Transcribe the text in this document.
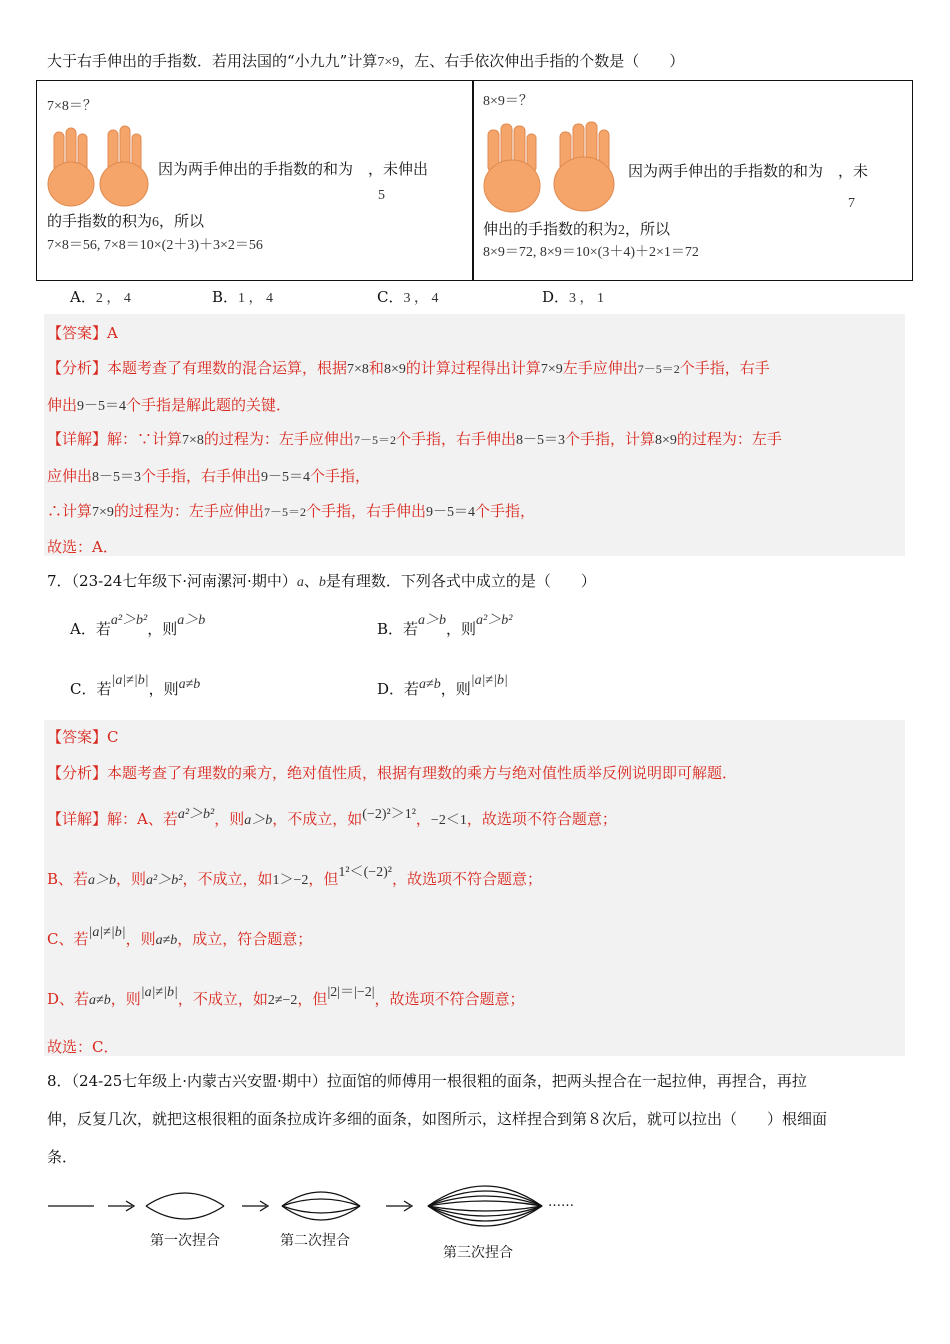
大于右手伸出的手指数．若用法国的“小九九”计算7×9，左、右手依次伸出手指的个数是（　　）
7×8＝？
因为两手伸出的手指数的和为　，未伸出
5
的手指数的积为6，所以
7×8＝56, 7×8＝10×(2＋3)＋3×2＝56
8×9＝？
因为两手伸出的手指数的和为　，未
7
伸出的手指数的积为2，所以
8×9＝72, 8×9＝10×(3＋4)＋2×1＝72
A．2 ， 4	B．1 ， 4	C．3 ， 4	D．3 ， 1
【答案】A
【分析】本题考查了有理数的混合运算，根据7×8和8×9的计算过程得出计算7×9左手应伸出7－5＝2个手指，右手
伸出9－5＝4个手指是解此题的关键．
【详解】解：∵计算7×8的过程为：左手应伸出7－5＝2个手指，右手伸出8－5＝3个手指，计算8×9的过程为：左手
应伸出8－5＝3个手指，右手伸出9－5＝4个手指，
∴计算7×9的过程为：左手应伸出7－5＝2个手指，右手伸出9－5＝4个手指，
故选：A．
7．（23-24七年级下·河南漯河·期中）a、b是有理数．下列各式中成立的是（　　）
A．若a²＞b²，则a＞b	B．若a＞b，则a²＞b²
C．若|a|≠|b|，则a≠b	D．若a≠b，则|a|≠|b|
【答案】C
【分析】本题考查了有理数的乘方，绝对值性质，根据有理数的乘方与绝对值性质举反例说明即可解题．
【详解】解：A、若a²＞b²，则a＞b，不成立，如(−2)²＞1²，−2＜1，故选项不符合题意；
B、若a＞b，则a²＞b²，不成立，如1＞−2，但1²＜(−2)²，故选项不符合题意；
C、若|a|≠|b|，则a≠b，成立，符合题意；
D、若a≠b，则|a|≠|b|，不成立，如2≠−2，但|2|＝|−2|，故选项不符合题意；
故选：C．
8．（24-25七年级上·内蒙古兴安盟·期中）拉面馆的师傅用一根很粗的面条，把两头捏合在一起拉伸，再捏合，再拉
伸，反复几次，就把这根很粗的面条拉成许多细的面条，如图所示，这样捏合到第８次后，就可以拉出（　　）根细面
条．
……
第一次捏合	第二次捏合
第三次捏合
